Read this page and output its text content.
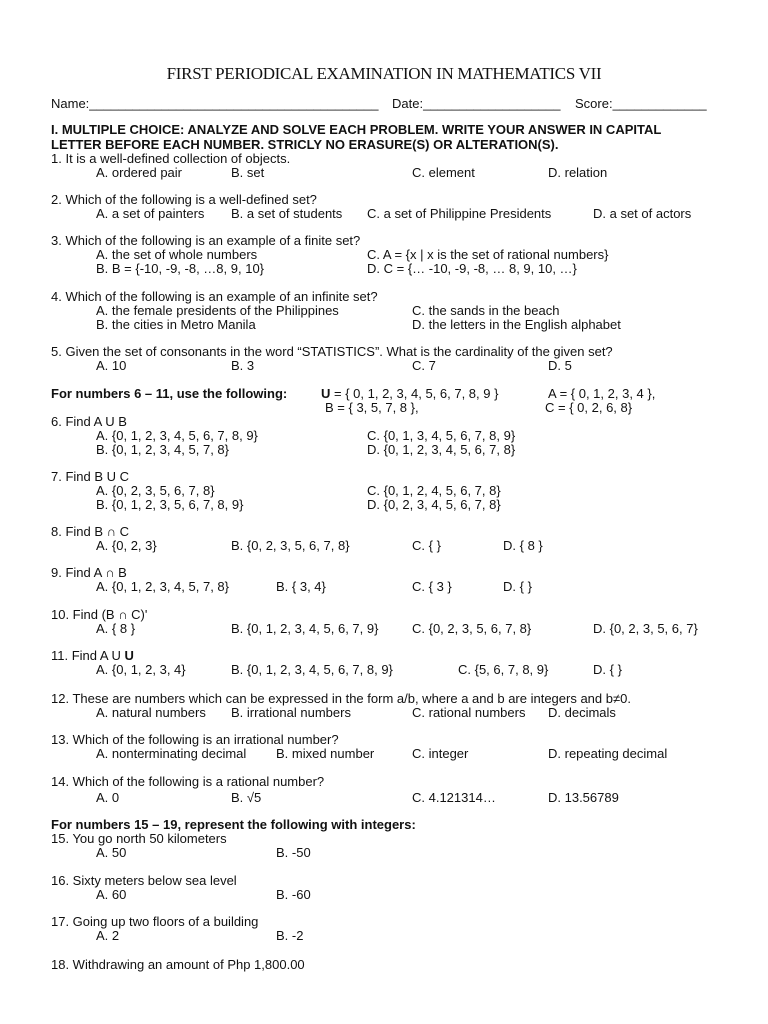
FIRST PERIODICAL EXAMINATION IN MATHEMATICS VII
Name:________________________________________ Date:___________________ Score:_____________
I. MULTIPLE CHOICE: ANALYZE AND SOLVE EACH PROBLEM. WRITE YOUR ANSWER IN CAPITAL
LETTER BEFORE EACH NUMBER. STRICLY NO ERASURE(S) OR ALTERATION(S).
1. It is a well-defined collection of objects.
A. ordered pair	B. set	C. element	D. relation
2. Which of the following is a well-defined set?
A. a set of painters B. a set of students C. a set of Philippine Presidents	D. a set of actors
3. Which of the following is an example of a finite set?
A. the set of whole numbers	C. A = {x | x is the set of rational numbers}
B. B = {-10, -9, -8, …8, 9, 10}	D. C = {… -10, -9, -8, … 8, 9, 10, …}
4. Which of the following is an example of an infinite set?
A. the female presidents of the Philippines	C. the sands in the beach
B. the cities in Metro Manila	D. the letters in the English alphabet
5. Given the set of consonants in the word “STATISTICS”. What is the cardinality of the given set?
A. 10	B. 3	C. 7	D. 5
For numbers 6 – 11, use the following:	U = { 0, 1, 2, 3, 4, 5, 6, 7, 8, 9 }	A = { 0, 1, 2, 3, 4 },
B = { 3, 5, 7, 8 },	C = { 0, 2, 6, 8}
6. Find A U B
A. {0, 1, 2, 3, 4, 5, 6, 7, 8, 9}	C. {0, 1, 3, 4, 5, 6, 7, 8, 9}
B. {0, 1, 2, 3, 4, 5, 7, 8}	D. {0, 1, 2, 3, 4, 5, 6, 7, 8}
7. Find B U C
A. {0, 2, 3, 5, 6, 7, 8}	C. {0, 1, 2, 4, 5, 6, 7, 8}
B. {0, 1, 2, 3, 5, 6, 7, 8, 9}	D. {0, 2, 3, 4, 5, 6, 7, 8}
8. Find B ∩ C
A. {0, 2, 3}	B. {0, 2, 3, 5, 6, 7, 8}	C. { }	D. { 8 }
9. Find A ∩ B
A. {0, 1, 2, 3, 4, 5, 7, 8}	B. { 3, 4}	C. { 3 }	D. { }
10. Find (B ∩ C)'
A. { 8 }	B. {0, 1, 2, 3, 4, 5, 6, 7, 9}	C. {0, 2, 3, 5, 6, 7, 8}	D. {0, 2, 3, 5, 6, 7}
11. Find A U U
A. {0, 1, 2, 3, 4}	B. {0, 1, 2, 3, 4, 5, 6, 7, 8, 9}	C. {5, 6, 7, 8, 9}	D. { }
12. These are numbers which can be expressed in the form a/b, where a and b are integers and b≠0.
A. natural numbers B. irrational numbers	C. rational numbers D. decimals
13. Which of the following is an irrational number?
A. nonterminating decimal B. mixed number	C. integer	D. repeating decimal
14. Which of the following is a rational number?
A. 0	B. √5	C. 4.121314…	D. 13.56789
For numbers 15 – 19, represent the following with integers:
15. You go north 50 kilometers
A. 50	B. -50
16. Sixty meters below sea level
A. 60	B. -60
17. Going up two floors of a building
A. 2	B. -2
18. Withdrawing an amount of Php 1,800.00
